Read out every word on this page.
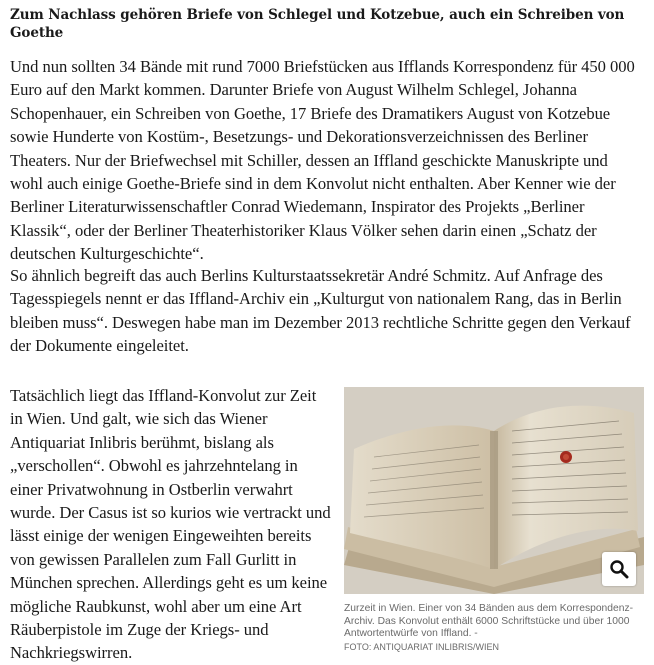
Zum Nachlass gehören Briefe von Schlegel und Kotzebue, auch ein Schreiben von Goethe

Und nun sollten 34 Bände mit rund 7000 Briefstücken aus Ifflands Korrespondenz für 450 000 Euro auf den Markt kommen. Darunter Briefe von August Wilhelm Schlegel, Johanna Schopenhauer, ein Schreiben von Goethe, 17 Briefe des Dramatikers August von Kotzebue sowie Hunderte von Kostüm-, Besetzungs- und Dekorationsverzeichnissen des Berliner Theaters. Nur der Briefwechsel mit Schiller, dessen an Iffland geschickte Manuskripte und wohl auch einige Goethe-Briefe sind in dem Konvolut nicht enthalten. Aber Kenner wie der Berliner Literaturwissenschaftler Conrad Wiedemann, Inspirator des Projekts „Berliner Klassik“, oder der Berliner Theaterhistoriker Klaus Völker sehen darin einen „Schatz der deutschen Kulturgeschichte“.

So ähnlich begreift das auch Berlins Kulturstaatssekretär André Schmitz. Auf Anfrage des Tagesspiegels nennt er das Iffland-Archiv ein „Kulturgut von nationalem Rang, das in Berlin bleiben muss“. Deswegen habe man im Dezember 2013 rechtliche Schritte gegen den Verkauf der Dokumente eingeleitet.

Tatsächlich liegt das Iffland-Konvolut zur Zeit in Wien. Und galt, wie sich das Wiener Antiquariat Inlibris berühmt, bislang als „verschollen“. Obwohl es jahrzehntelang in einer Privatwohnung in Ostberlin verwahrt wurde. Der Casus ist so kurios wie vertrackt und lässt einige der wenigen Eingeweihten bereits von gewissen Parallelen zum Fall Gurlitt in München sprechen. Allerdings geht es um keine mögliche Raubkunst, wohl aber um eine Art Räuberpistole im Zuge der Kriegs- und Nachkriegswirren.

Zurzeit in Wien. Einer von 34 Bänden aus dem Korrespondenz-Archiv. Das Konvolut enthält 6000 Schriftstücke und über 1000 Antwortentwürfe von Iffland. -
FOTO: ANTIQUARIAT INLIBRIS/WIEN
